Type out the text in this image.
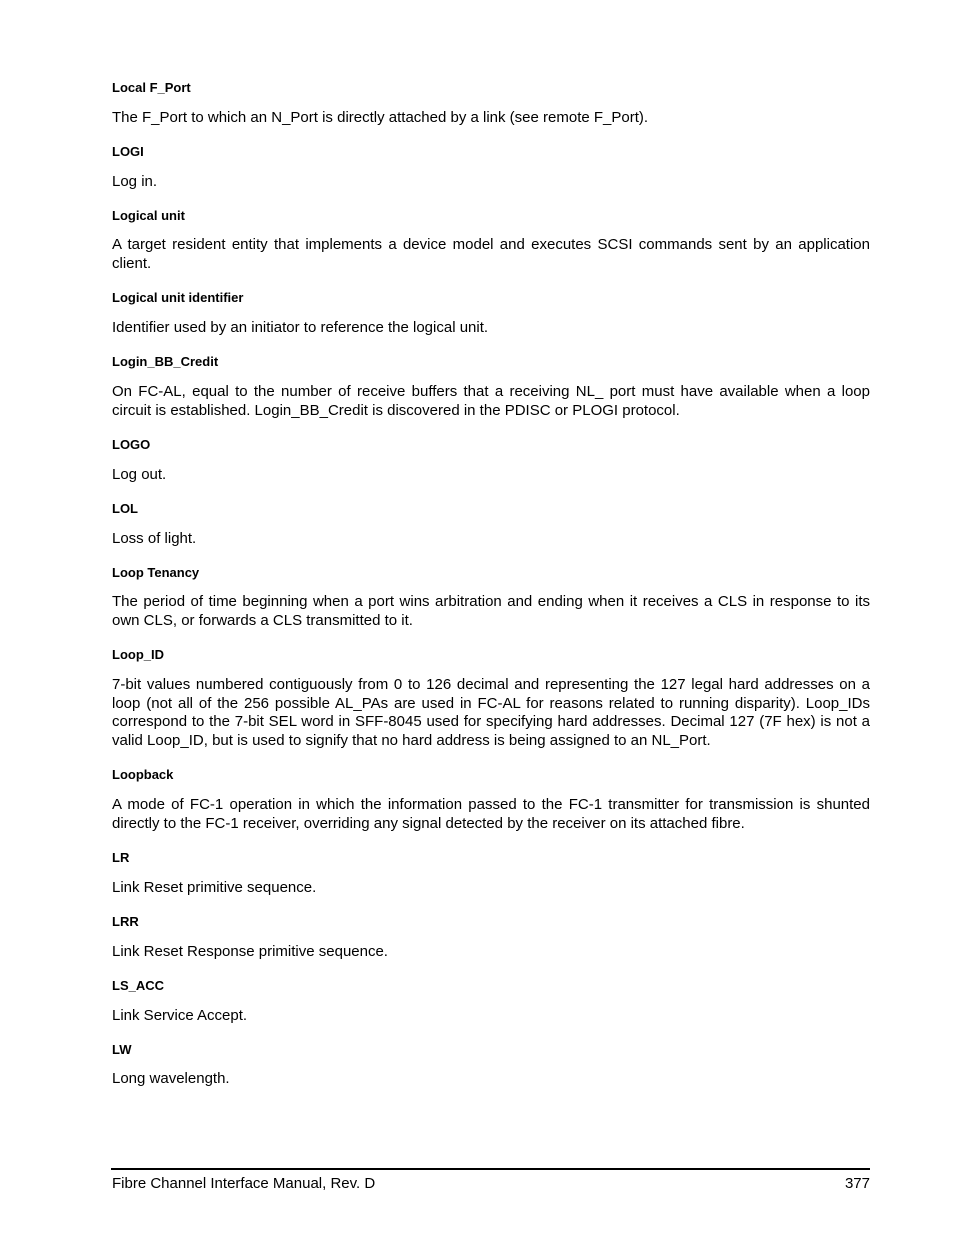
Local F_Port

The F_Port to which an N_Port is directly attached by a link (see remote F_Port).

LOGI

Log in.

Logical unit

A target resident entity that implements a device model and executes SCSI commands sent by an application client.

Logical unit identifier

Identifier used by an initiator to reference the logical unit.

Login_BB_Credit

On FC-AL, equal to the number of receive buffers that a receiving NL_ port must have available when a loop circuit is established. Login_BB_Credit is discovered in the PDISC or PLOGI protocol.

LOGO

Log out.

LOL

Loss of light.

Loop Tenancy

The period of time beginning when a port wins arbitration and ending when it receives a CLS in response to its own CLS, or forwards a CLS transmitted to it.

Loop_ID

7-bit values numbered contiguously from 0 to 126 decimal and representing the 127 legal hard addresses on a loop (not all of the 256 possible AL_PAs are used in FC-AL for reasons related to running disparity). Loop_IDs correspond to the 7-bit SEL word in SFF-8045 used for specifying hard addresses. Decimal 127 (7F hex) is not a valid Loop_ID, but is used to signify that no hard address is being assigned to an NL_Port.

Loopback

A mode of FC-1 operation in which the information passed to the FC-1 transmitter for transmission is shunted directly to the FC-1 receiver, overriding any signal detected by the receiver on its attached fibre.

LR

Link Reset primitive sequence.

LRR

Link Reset Response primitive sequence.

LS_ACC

Link Service Accept.

LW

Long wavelength.

Fibre Channel Interface Manual, Rev. D	377
